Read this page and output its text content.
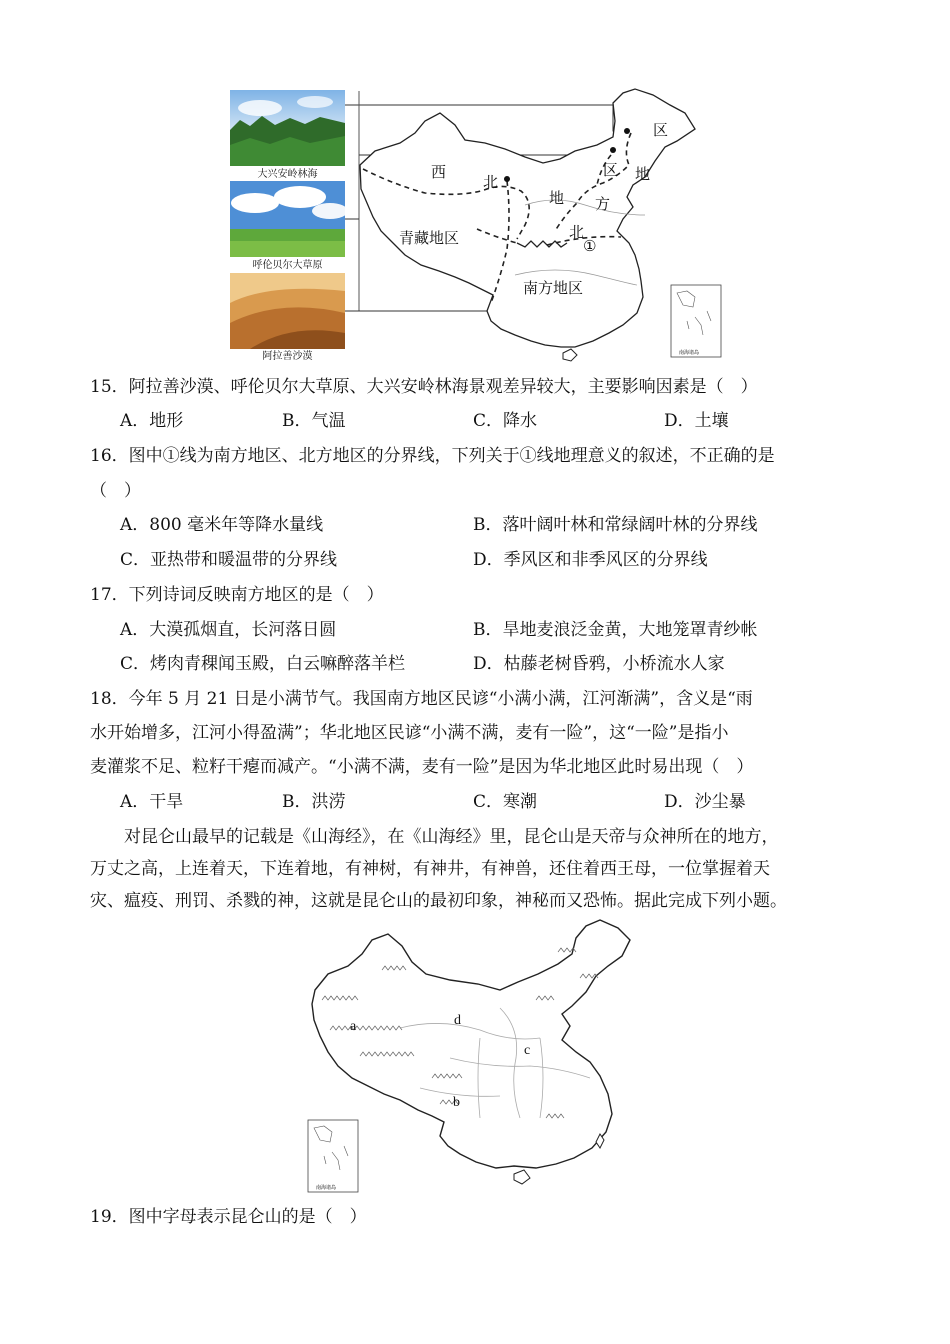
大兴安岭林海
呼伦贝尔大草原
阿拉善沙漠
西
北
青藏地区
南方地区
北
地 方
区
区 地
①
南海诸岛
15．阿拉善沙漠、呼伦贝尔大草原、大兴安岭林海景观差异较大，主要影响因素是（　）
A．地形	B．气温	C．降水	D．土壤
16．图中①线为南方地区、北方地区的分界线，下列关于①线地理意义的叙述，不正确的是
（　）
A．800 毫米年等降水量线	B．落叶阔叶林和常绿阔叶林的分界线
C．亚热带和暖温带的分界线	D．季风区和非季风区的分界线
17．下列诗词反映南方地区的是（　）
A．大漠孤烟直，长河落日圆	B．旱地麦浪泛金黄，大地笼罩青纱帐
C．烤肉青稞闻玉殿，白云嘛醉落羊栏	D．枯藤老树昏鸦，小桥流水人家
18．今年 5 月 21 日是小满节气。我国南方地区民谚“小满小满，江河渐满”，含义是“雨
水开始增多，江河小得盈满”；华北地区民谚“小满不满，麦有一险”，这“一险”是指小
麦灌浆不足、粒籽干瘪而减产。“小满不满，麦有一险”是因为华北地区此时易出现（　）
A．干旱	B．洪涝	C．寒潮	D．沙尘暴
对昆仑山最早的记载是《山海经》，在《山海经》里，昆仑山是天帝与众神所在的地方，
万丈之高，上连着天，下连着地，有神树，有神井，有神兽，还住着西王母，一位掌握着天
灾、瘟疫、刑罚、杀戮的神，这就是昆仑山的最初印象，神秘而又恐怖。据此完成下列小题。
a
b
c
d
南海诸岛
19．图中字母表示昆仑山的是（　）
